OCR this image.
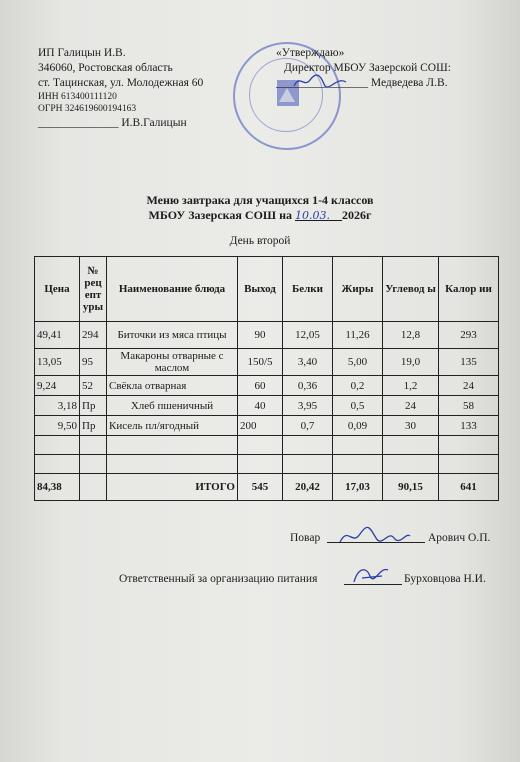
ИП Галицын И.В.
346060, Ростовская область
ст. Тацинская, ул. Молодежная 60
ИНН 613400111120
ОГРН 324619600194163
______________ И.В.Галицын
«Утверждаю»
Директор МБОУ Зазерской СОШ:
________________ Медведева Л.В.
Меню завтрака для учащихся 1-4 классов
МБОУ Зазерская СОШ на 10.03.__2026г
День второй
Цена	№ рец епт уры	Наименование блюда	Выход	Белки	Жиры	Углевод ы	Калор ии
49,41	294	Биточки из мяса птицы	90	12,05	11,26	12,8	293
13,05	95	Макароны отварные с маслом	150/5	3,40	5,00	19,0	135
9,24	52	Свёкла отварная	60	0,36	0,2	1,2	24
3,18	Пр	Хлеб пшеничный	40	3,95	0,5	24	58
9,50	Пр	Кисель пл/ягодный	200	0,7	0,09	30	133

84,38		ИТОГО	545	20,42	17,03	90,15	641
Повар	Арович О.П.
Ответственный за организацию питания	Бурховцова Н.И.
